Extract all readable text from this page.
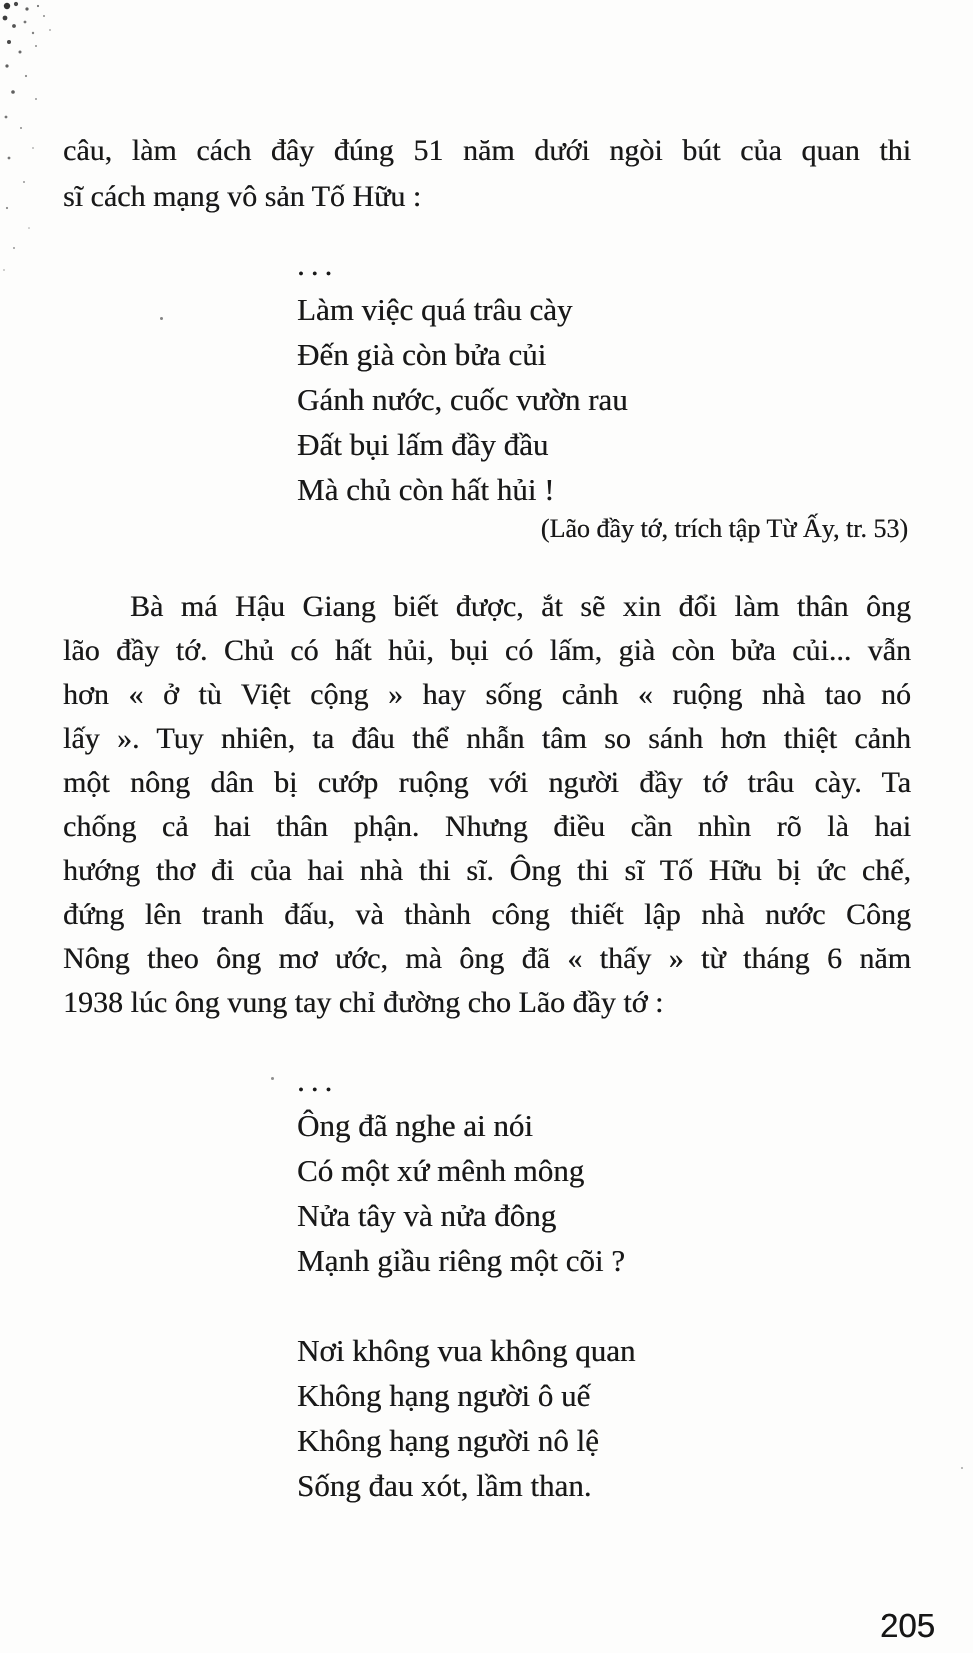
câu, làm cách đây đúng 51 năm dưới ngòi bút của quan thi
sĩ cách mạng vô sản Tố Hữu :
...
Làm việc quá trâu cày
Đến già còn bửa củi
Gánh nước, cuốc vườn rau
Đất bụi lấm đầy đầu
Mà chủ còn hất hủi !
(Lão đầy tớ, trích tập Từ Ấy, tr. 53)
Bà má Hậu Giang biết được, ắt sẽ xin đổi làm thân ông
lão đầy tớ. Chủ có hất hủi, bụi có lấm, già còn bửa củi... vẫn
hơn « ở tù Việt cộng » hay sống cảnh « ruộng nhà tao nó
lấy ». Tuy nhiên, ta đâu thể nhẫn tâm so sánh hơn thiệt cảnh
một nông dân bị cướp ruộng với người đầy tớ trâu cày. Ta
chống cả hai thân phận. Nhưng điều cần nhìn rõ là hai
hướng thơ đi của hai nhà thi sĩ. Ông thi sĩ Tố Hữu bị ức chế,
đứng lên tranh đấu, và thành công thiết lập nhà nước Công
Nông theo ông mơ ước, mà ông đã « thấy » từ tháng 6 năm
1938 lúc ông vung tay chỉ đường cho Lão đầy tớ :
...
Ông đã nghe ai nói
Có một xứ mênh mông
Nửa tây và nửa đông
Mạnh giầu riêng một cõi ?
Nơi không vua không quan
Không hạng người ô uế
Không hạng người nô lệ
Sống đau xót, lầm than.
205
